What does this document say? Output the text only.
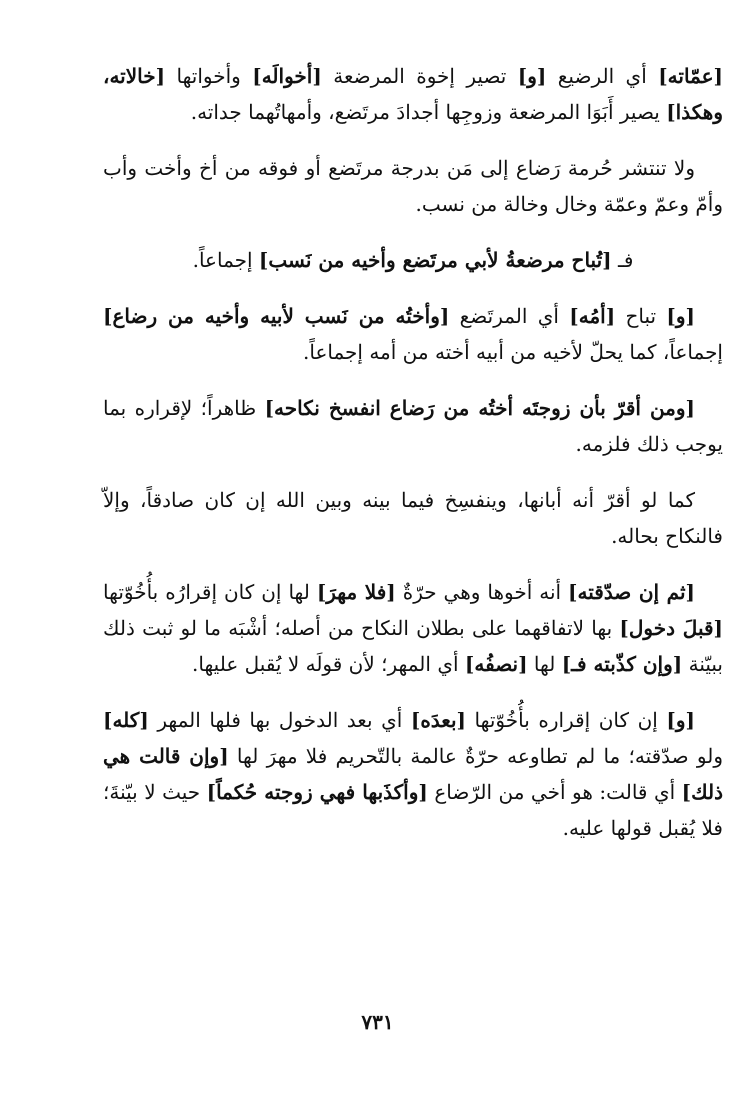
[عمّاته] أي الرضيع [و] تصير إخوة المرضعة [أخوالَه] وأخواتها [خالاته، وهكذا] يصير أَبَوَا المرضعة وزوجِها أجدادَ مرتَضع، وأمهاتُهما جداته.

ولا تنتشر حُرمة رَضاع إلى مَن بدرجة مرتَضع أو فوقه من أخ وأخت وأب وأمّ وعمّ وعمّة وخال وخالة من نسب.

فـ [تُباح مرضعةُ لأبي مرتَضع وأخيه من نَسب] إجماعاً.

[و] تباح [أمُه] أي المرتَضع [وأختُه من نَسب لأبيه وأخيه من رضاع] إجماعاً، كما يحلّ لأخيه من أبيه أخته من أمه إجماعاً.

[ومن أقرّ بأن زوجتَه أختُه من رَضاع انفسخ نكاحه] ظاهراً؛ لإقراره بما يوجب ذلك فلزمه.

كما لو أقرّ أنه أبانها، وينفسِخ فيما بينه وبين الله إن كان صادقاً، وإلاّ فالنكاح بحاله.

[ثم إن صدّقته] أنه أخوها وهي حرّةٌ [فلا مهرَ] لها إن كان إقرارُه بأُخُوّتها [قبلَ دخول] بها لاتفاقهما على بطلان النكاح من أصله؛ أشْبَه ما لو ثبت ذلك ببيّنة [وإن كذّبته فـ] لها [نصفُه] أي المهر؛ لأن قولَه لا يُقبل عليها.

[و] إن كان إقراره بأُخُوّتها [بعدَه] أي بعد الدخول بها فلها المهر [كله] ولو صدّقته؛ ما لم تطاوعه حرّةٌ عالمة بالتّحريم فلا مهرَ لها [وإن قالت هي ذلك] أي قالت: هو أخي من الرّضاع [وأكذَبها فهي زوجته حُكماً] حيث لا بيّنةَ؛ فلا يُقبل قولها عليه.

٧٣١
